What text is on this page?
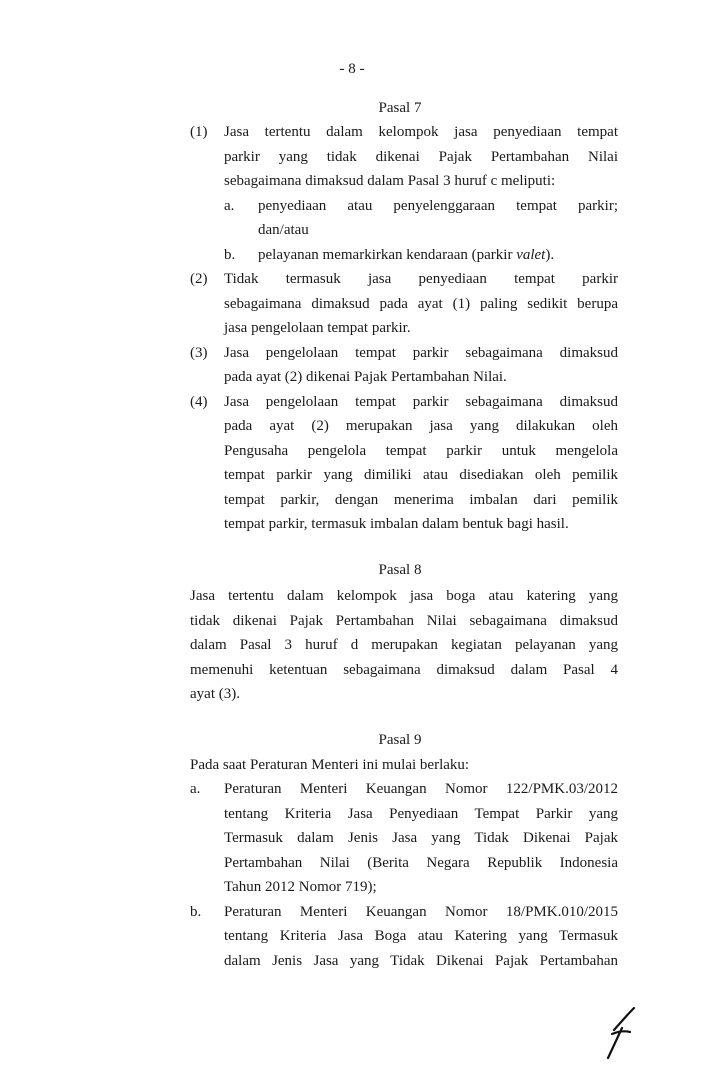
- 8 -
Pasal 7
(1) Jasa tertentu dalam kelompok jasa penyediaan tempat
parkir yang tidak dikenai Pajak Pertambahan Nilai
sebagaimana dimaksud dalam Pasal 3 huruf c meliputi:
a. penyediaan atau penyelenggaraan tempat parkir;
dan/atau
b. pelayanan memarkirkan kendaraan (parkir valet).
(2) Tidak termasuk jasa penyediaan tempat parkir
sebagaimana dimaksud pada ayat (1) paling sedikit berupa
jasa pengelolaan tempat parkir.
(3) Jasa pengelolaan tempat parkir sebagaimana dimaksud
pada ayat (2) dikenai Pajak Pertambahan Nilai.
(4) Jasa pengelolaan tempat parkir sebagaimana dimaksud
pada ayat (2) merupakan jasa yang dilakukan oleh
Pengusaha pengelola tempat parkir untuk mengelola
tempat parkir yang dimiliki atau disediakan oleh pemilik
tempat parkir, dengan menerima imbalan dari pemilik
tempat parkir, termasuk imbalan dalam bentuk bagi hasil.
Pasal 8
Jasa tertentu dalam kelompok jasa boga atau katering yang
tidak dikenai Pajak Pertambahan Nilai sebagaimana dimaksud
dalam Pasal 3 huruf d merupakan kegiatan pelayanan yang
memenuhi ketentuan sebagaimana dimaksud dalam Pasal 4
ayat (3).
Pasal 9
Pada saat Peraturan Menteri ini mulai berlaku:
a. Peraturan Menteri Keuangan Nomor 122/PMK.03/2012
tentang Kriteria Jasa Penyediaan Tempat Parkir yang
Termasuk dalam Jenis Jasa yang Tidak Dikenai Pajak
Pertambahan Nilai (Berita Negara Republik Indonesia
Tahun 2012 Nomor 719);
b. Peraturan Menteri Keuangan Nomor 18/PMK.010/2015
tentang Kriteria Jasa Boga atau Katering yang Termasuk
dalam Jenis Jasa yang Tidak Dikenai Pajak Pertambahan
